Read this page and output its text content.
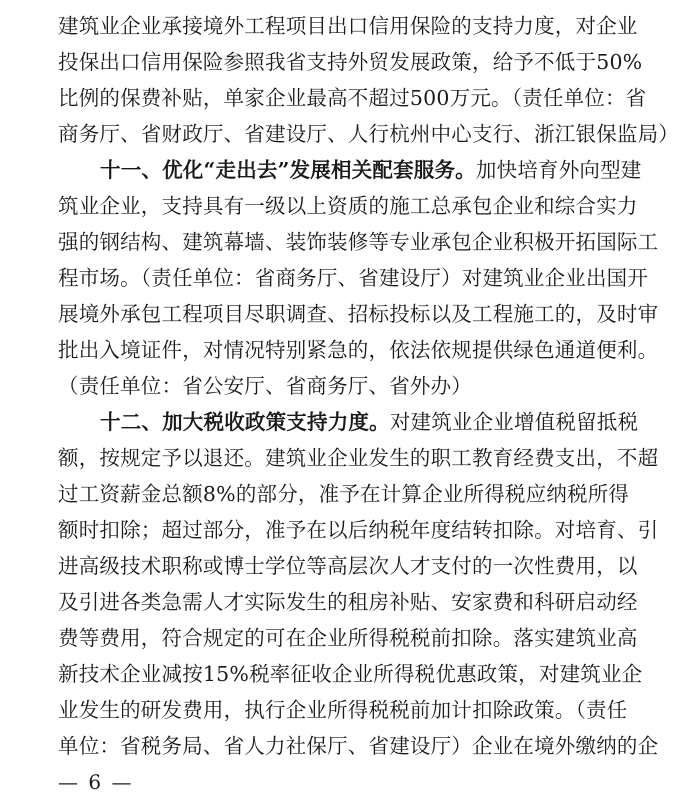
建筑业企业承接境外工程项目出口信用保险的支持力度，对企业
投保出口信用保险参照我省支持外贸发展政策，给予不低于50%
比例的保费补贴，单家企业最高不超过500万元。（责任单位：省
商务厅、省财政厅、省建设厅、人行杭州中心支行、浙江银保监局）
十一、优化“走出去”发展相关配套服务。加快培育外向型建
筑业企业，支持具有一级以上资质的施工总承包企业和综合实力
强的钢结构、建筑幕墙、装饰装修等专业承包企业积极开拓国际工
程市场。（责任单位：省商务厅、省建设厅）对建筑业企业出国开
展境外承包工程项目尽职调查、招标投标以及工程施工的，及时审
批出入境证件，对情况特别紧急的，依法依规提供绿色通道便利。
（责任单位：省公安厅、省商务厅、省外办）
十二、加大税收政策支持力度。对建筑业企业增值税留抵税
额，按规定予以退还。建筑业企业发生的职工教育经费支出，不超
过工资薪金总额8%的部分，准予在计算企业所得税应纳税所得
额时扣除；超过部分，准予在以后纳税年度结转扣除。对培育、引
进高级技术职称或博士学位等高层次人才支付的一次性费用，以
及引进各类急需人才实际发生的租房补贴、安家费和科研启动经
费等费用，符合规定的可在企业所得税税前扣除。落实建筑业高
新技术企业减按15%税率征收企业所得税优惠政策，对建筑业企
业发生的研发费用，执行企业所得税税前加计扣除政策。（责任
单位：省税务局、省人力社保厅、省建设厅）企业在境外缴纳的企
— 6 —
